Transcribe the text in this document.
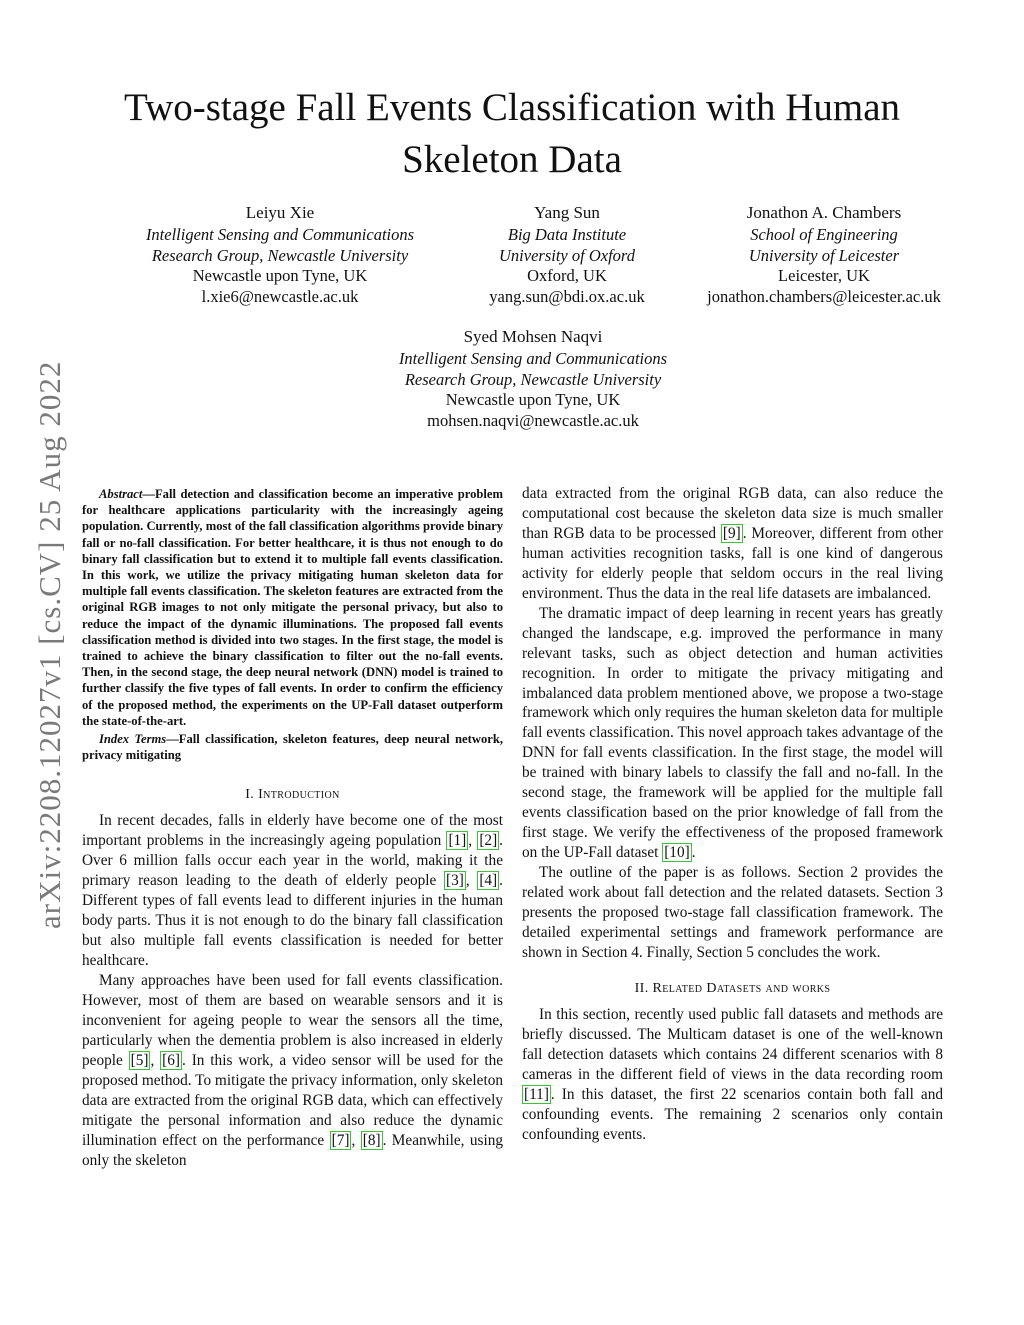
arXiv:2208.12027v1 [cs.CV] 25 Aug 2022
Two-stage Fall Events Classification with Human
Skeleton Data
Leiyu Xie
Intelligent Sensing and Communications
Research Group, Newcastle University
Newcastle upon Tyne, UK
l.xie6@newcastle.ac.uk
Yang Sun
Big Data Institute
University of Oxford
Oxford, UK
yang.sun@bdi.ox.ac.uk
Jonathon A. Chambers
School of Engineering
University of Leicester
Leicester, UK
jonathon.chambers@leicester.ac.uk
Syed Mohsen Naqvi
Intelligent Sensing and Communications
Research Group, Newcastle University
Newcastle upon Tyne, UK
mohsen.naqvi@newcastle.ac.uk

Abstract—Fall detection and classification become an imperative problem for healthcare applications particularity with the increasingly ageing population. Currently, most of the fall classification algorithms provide binary fall or no-fall classification. For better healthcare, it is thus not enough to do binary fall classification but to extend it to multiple fall events classification. In this work, we utilize the privacy mitigating human skeleton data for multiple fall events classification. The skeleton features are extracted from the original RGB images to not only mitigate the personal privacy, but also to reduce the impact of the dynamic illuminations. The proposed fall events classification method is divided into two stages. In the first stage, the model is trained to achieve the binary classification to filter out the no-fall events. Then, in the second stage, the deep neural network (DNN) model is trained to further classify the five types of fall events. In order to confirm the efficiency of the proposed method, the experiments on the UP-Fall dataset outperform the state-of-the-art.

Index Terms—Fall classification, skeleton features, deep neural network, privacy mitigating

I. Introduction

In recent decades, falls in elderly have become one of the most important problems in the increasingly ageing population [1] , [2] . Over 6 million falls occur each year in the world, making it the primary reason leading to the death of elderly people [3] , [4] . Different types of fall events lead to different injuries in the human body parts. Thus it is not enough to do the binary fall classification but also multiple fall events classification is needed for better healthcare.

Many approaches have been used for fall events classification. However, most of them are based on wearable sensors and it is inconvenient for ageing people to wear the sensors all the time, particularly when the dementia problem is also increased in elderly people [5] , [6] . In this work, a video sensor will be used for the proposed method. To mitigate the privacy information, only skeleton data are extracted from the original RGB data, which can effectively mitigate the personal information and also reduce the dynamic illumination effect on the performance [7] , [8] . Meanwhile, using only the skeleton

data extracted from the original RGB data, can also reduce the computational cost because the skeleton data size is much smaller than RGB data to be processed [9] . Moreover, different from other human activities recognition tasks, fall is one kind of dangerous activity for elderly people that seldom occurs in the real living environment. Thus the data in the real life datasets are imbalanced.

The dramatic impact of deep learning in recent years has greatly changed the landscape, e.g. improved the performance in many relevant tasks, such as object detection and human activities recognition. In order to mitigate the privacy mitigating and imbalanced data problem mentioned above, we propose a two-stage framework which only requires the human skeleton data for multiple fall events classification. This novel approach takes advantage of the DNN for fall events classification. In the first stage, the model will be trained with binary labels to classify the fall and no-fall. In the second stage, the framework will be applied for the multiple fall events classification based on the prior knowledge of fall from the first stage. We verify the effectiveness of the proposed framework on the UP-Fall dataset [10] .

The outline of the paper is as follows. Section 2 provides the related work about fall detection and the related datasets. Section 3 presents the proposed two-stage fall classification framework. The detailed experimental settings and framework performance are shown in Section 4. Finally, Section 5 concludes the work.

II. Related Datasets and works

In this section, recently used public fall datasets and methods are briefly discussed. The Multicam dataset is one of the well-known fall detection datasets which contains 24 different scenarios with 8 cameras in the different field of views in the data recording room [11] . In this dataset, the first 22 scenarios contain both fall and confounding events. The remaining 2 scenarios only contain confounding events.
